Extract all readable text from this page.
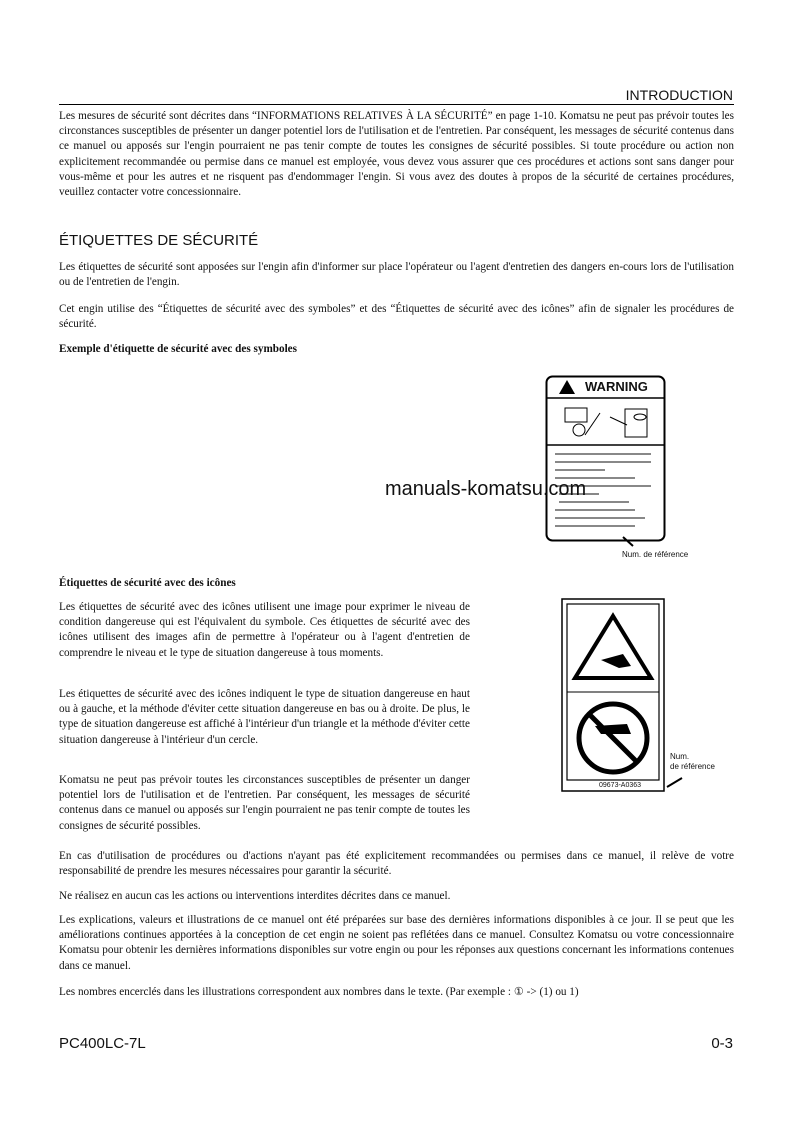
INTRODUCTION

Les mesures de sécurité sont décrites dans “INFORMATIONS RELATIVES À LA SÉCURITÉ” en page 1-10. Komatsu ne peut pas prévoir toutes les circonstances susceptibles de présenter un danger potentiel lors de l'utilisation et de l'entretien. Par conséquent, les messages de sécurité contenus dans ce manuel ou apposés sur l'engin pourraient ne pas tenir compte de toutes les consignes de sécurité possibles. Si toute procédure ou action non explicitement recommandée ou permise dans ce manuel est employée, vous devez vous assurer que ces procédures et actions sont sans danger pour vous-même et pour les autres et ne risquent pas d'endommager l'engin. Si vous avez des doutes à propos de la sécurité de certaines procédures, veuillez contacter votre concessionnaire.

ÉTIQUETTES DE SÉCURITÉ

Les étiquettes de sécurité sont apposées sur l'engin afin d'informer sur place l'opérateur ou l'agent d'entretien des dangers en-cours lors de l'utilisation ou de l'entretien de l'engin.

Cet engin utilise des “Étiquettes de sécurité avec des symboles” et des “Étiquettes de sécurité avec des icônes” afin de signaler les procédures de sécurité.

Exemple d'étiquette de sécurité avec des symboles

Num. de référence
WARNING
manuals-komatsu.com

Étiquettes de sécurité avec des icônes

Les étiquettes de sécurité avec des icônes utilisent une image pour exprimer le niveau de condition dangereuse qui est l'équivalent du symbole. Ces étiquettes de sécurité avec des icônes utilisent des images afin de permettre à l'opérateur ou à l'agent d'entretien de comprendre le niveau et le type de situation dangereuse à tous moments.

Les étiquettes de sécurité avec des icônes indiquent le type de situation dangereuse en haut ou à gauche, et la méthode d'éviter cette situation dangereuse en bas ou à droite. De plus, le type de situation dangereuse est affiché à l'intérieur d'un triangle et la méthode d'éviter cette situation dangereuse à l'intérieur d'un cercle.

Komatsu ne peut pas prévoir toutes les circonstances susceptibles de présenter un danger potentiel lors de l'utilisation et de l'entretien. Par conséquent, les messages de sécurité contenus dans ce manuel ou apposés sur l'engin pourraient ne pas tenir compte de toutes les consignes de sécurité possibles.

09673-A0363
Num.
de référence

En cas d'utilisation de procédures ou d'actions n'ayant pas été explicitement recommandées ou permises dans ce manuel, il relève de votre responsabilité de prendre les mesures nécessaires pour garantir la sécurité.

Ne réalisez en aucun cas les actions ou interventions interdites décrites dans ce manuel.

Les explications, valeurs et illustrations de ce manuel ont été préparées sur base des dernières informations disponibles à ce jour. Il se peut que les améliorations continues apportées à la conception de cet engin ne soient pas reflétées dans ce manuel. Consultez Komatsu ou votre concessionnaire Komatsu pour obtenir les dernières informations disponibles sur votre engin ou pour les réponses aux questions concernant les informations contenues dans ce manuel.

Les nombres encerclés dans les illustrations correspondent aux nombres dans le texte. (Par exemple : ① -> (1) ou 1)

PC400LC-7L	0-3
